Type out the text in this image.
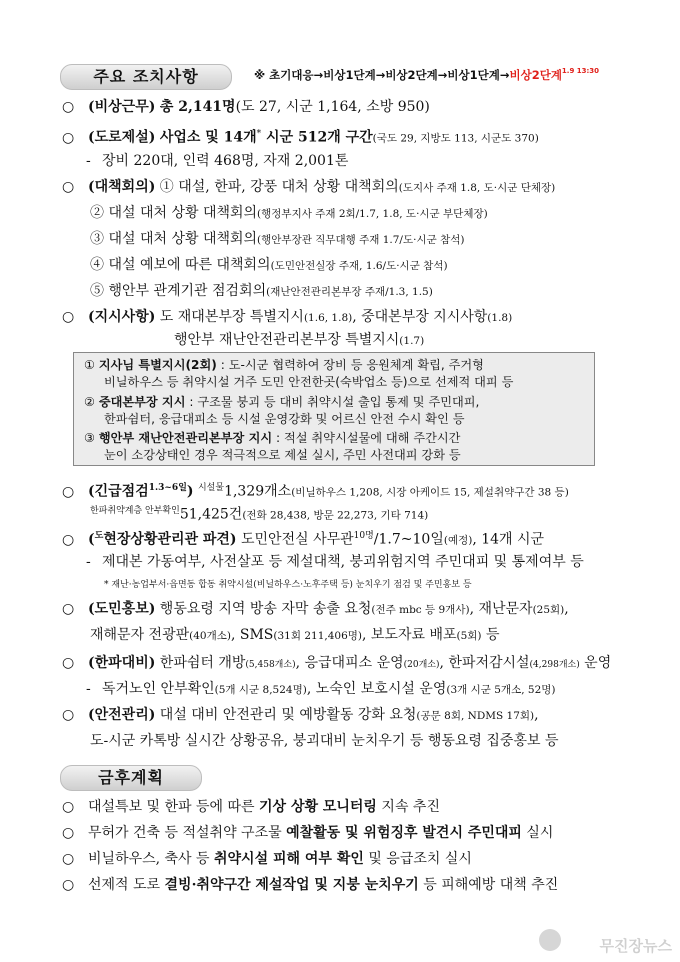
주요 조치사항	※ 초기대응→비상1단계→비상2단계→비상1단계→비상2단계$^{1.9 13:30}$
○ (비상근무) 총 2,141명(도 27, 시군 1,164, 소방 950)
○ (도로제설) 사업소 및 14개* 시군 512개 구간(국도 29, 지방도 113, 시군도 370)
- 장비 220대, 인력 468명, 자재 2,001톤
○ (대책회의) ① 대설, 한파, 강풍 대처 상황 대책회의(도지사 주재 1.8, 도·시군 단체장)
② 대설 대처 상황 대책회의(행정부지사 주재 2회/1.7, 1.8, 도·시군 부단체장)
③ 대설 대처 상황 대책회의(행안부장관 직무대행 주재 1.7/도·시군 참석)
④ 대설 예보에 따른 대책회의(도민안전실장 주재, 1.6/도·시군 참석)
⑤ 행안부 관계기관 점검회의(재난안전관리본부장 주재/1.3, 1.5)
○ (지시사항) 도 재대본부장 특별지시(1.6, 1.8), 중대본부장 지시사항(1.8)
행안부 재난안전관리본부장 특별지시(1.7)
① 지사님 특별지시(2회) : 도-시군 협력하여 장비 등 응원체계 확립, 주거형
비닐하우스 등 취약시설 거주 도민 안전한곳(숙박업소 등)으로 선제적 대피 등
② 중대본부장 지시 : 구조물 붕괴 등 대비 취약시설 출입 통제 및 주민대피,
한파쉼터, 응급대피소 등 시설 운영강화 및 어르신 안전 수시 확인 등
③ 행안부 재난안전관리본부장 지시 : 적설 취약시설물에 대해 주간시간
눈이 소강상태인 경우 적극적으로 제설 실시, 주민 사전대피 강화 등
○ (긴급점검$^{1.3\sim 6일}$) $^{시설물}$1,329개소(비닐하우스 1,208, 시장 아케이드 15, 제설취약구간 38 등)
$^{한파취약계층 안부확인}$51,425건(전화 28,438, 방문 22,273, 기타 714)
○ ($^도$현장상황관리관 파견) 도민안전실 사무관$^{10명}$/1.7~10일(예정), 14개 시군
- 제대본 가동여부, 사전살포 등 제설대책, 붕괴위험지역 주민대피 및 통제여부 등
* 재난·농업부서·읍면동 합동 취약시설(비닐하우스·노후주택 등) 눈치우기 점검 및 주민홍보 등
○ (도민홍보) 행동요령 지역 방송 자막 송출 요청(전주 mbc 등 9개사), 재난문자(25회),
재해문자 전광판(40개소), SMS(31회 211,406명), 보도자료 배포(5회) 등
○ (한파대비) 한파쉼터 개방(5,458개소), 응급대피소 운영(20개소), 한파저감시설(4,298개소) 운영
- 독거노인 안부확인(5개 시군 8,524명), 노숙인 보호시설 운영(3개 시군 5개소, 52명)
○ (안전관리) 대설 대비 안전관리 및 예방활동 강화 요청(공문 8회, NDMS 17회),
도-시군 카톡방 실시간 상황공유, 붕괴대비 눈치우기 등 행동요령 집중홍보 등
금후계획
○ 대설특보 및 한파 등에 따른 기상 상황 모니터링 지속 추진
○ 무허가 건축 등 적설취약 구조물 예찰활동 및 위험징후 발견시 주민대피 실시
○ 비닐하우스, 축사 등 취약시설 피해 여부 확인 및 응급조치 실시
○ 선제적 도로 결빙·취약구간 제설작업 및 지붕 눈치우기 등 피해예방 대책 추진
무진장뉴스
